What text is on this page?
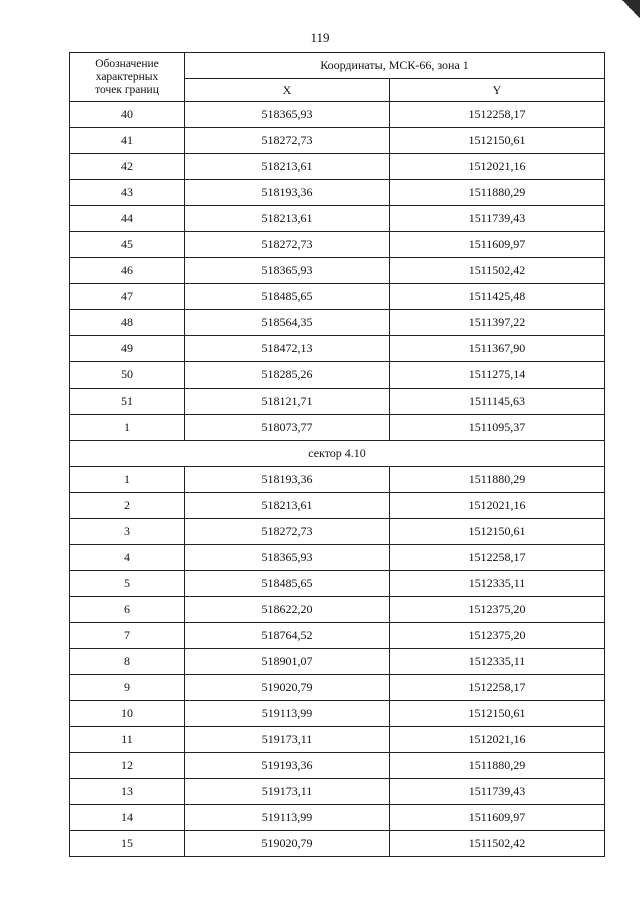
119
Обозначение
характерных
точек границ	Координаты, МСК-66, зона 1	
	X	Y
40	518365,93	1512258,17
41	518272,73	1512150,61
42	518213,61	1512021,16
43	518193,36	1511880,29
44	518213,61	1511739,43
45	518272,73	1511609,97
46	518365,93	1511502,42
47	518485,65	1511425,48
48	518564,35	1511397,22
49	518472,13	1511367,90
50	518285,26	1511275,14
51	518121,71	1511145,63
1	518073,77	1511095,37
сектор 4.10		
1	518193,36	1511880,29
2	518213,61	1512021,16
3	518272,73	1512150,61
4	518365,93	1512258,17
5	518485,65	1512335,11
6	518622,20	1512375,20
7	518764,52	1512375,20
8	518901,07	1512335,11
9	519020,79	1512258,17
10	519113,99	1512150,61
11	519173,11	1512021,16
12	519193,36	1511880,29
13	519173,11	1511739,43
14	519113,99	1511609,97
15	519020,79	1511502,42
